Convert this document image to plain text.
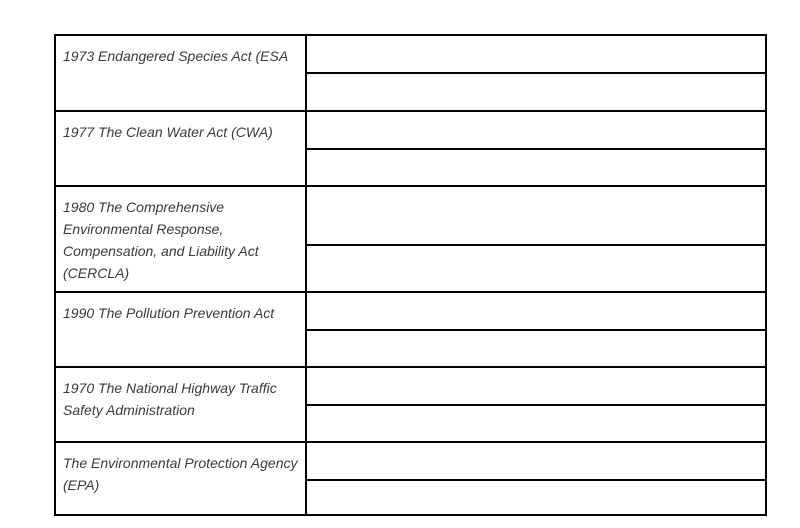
1973 Endangered Species Act (ESA
1977 The Clean Water Act (CWA)
1980 The Comprehensive Environmental Response, Compensation, and Liability Act (CERCLA)
1990 The Pollution Prevention Act
1970 The National Highway Traffic Safety Administration
The Environmental Protection Agency (EPA)
